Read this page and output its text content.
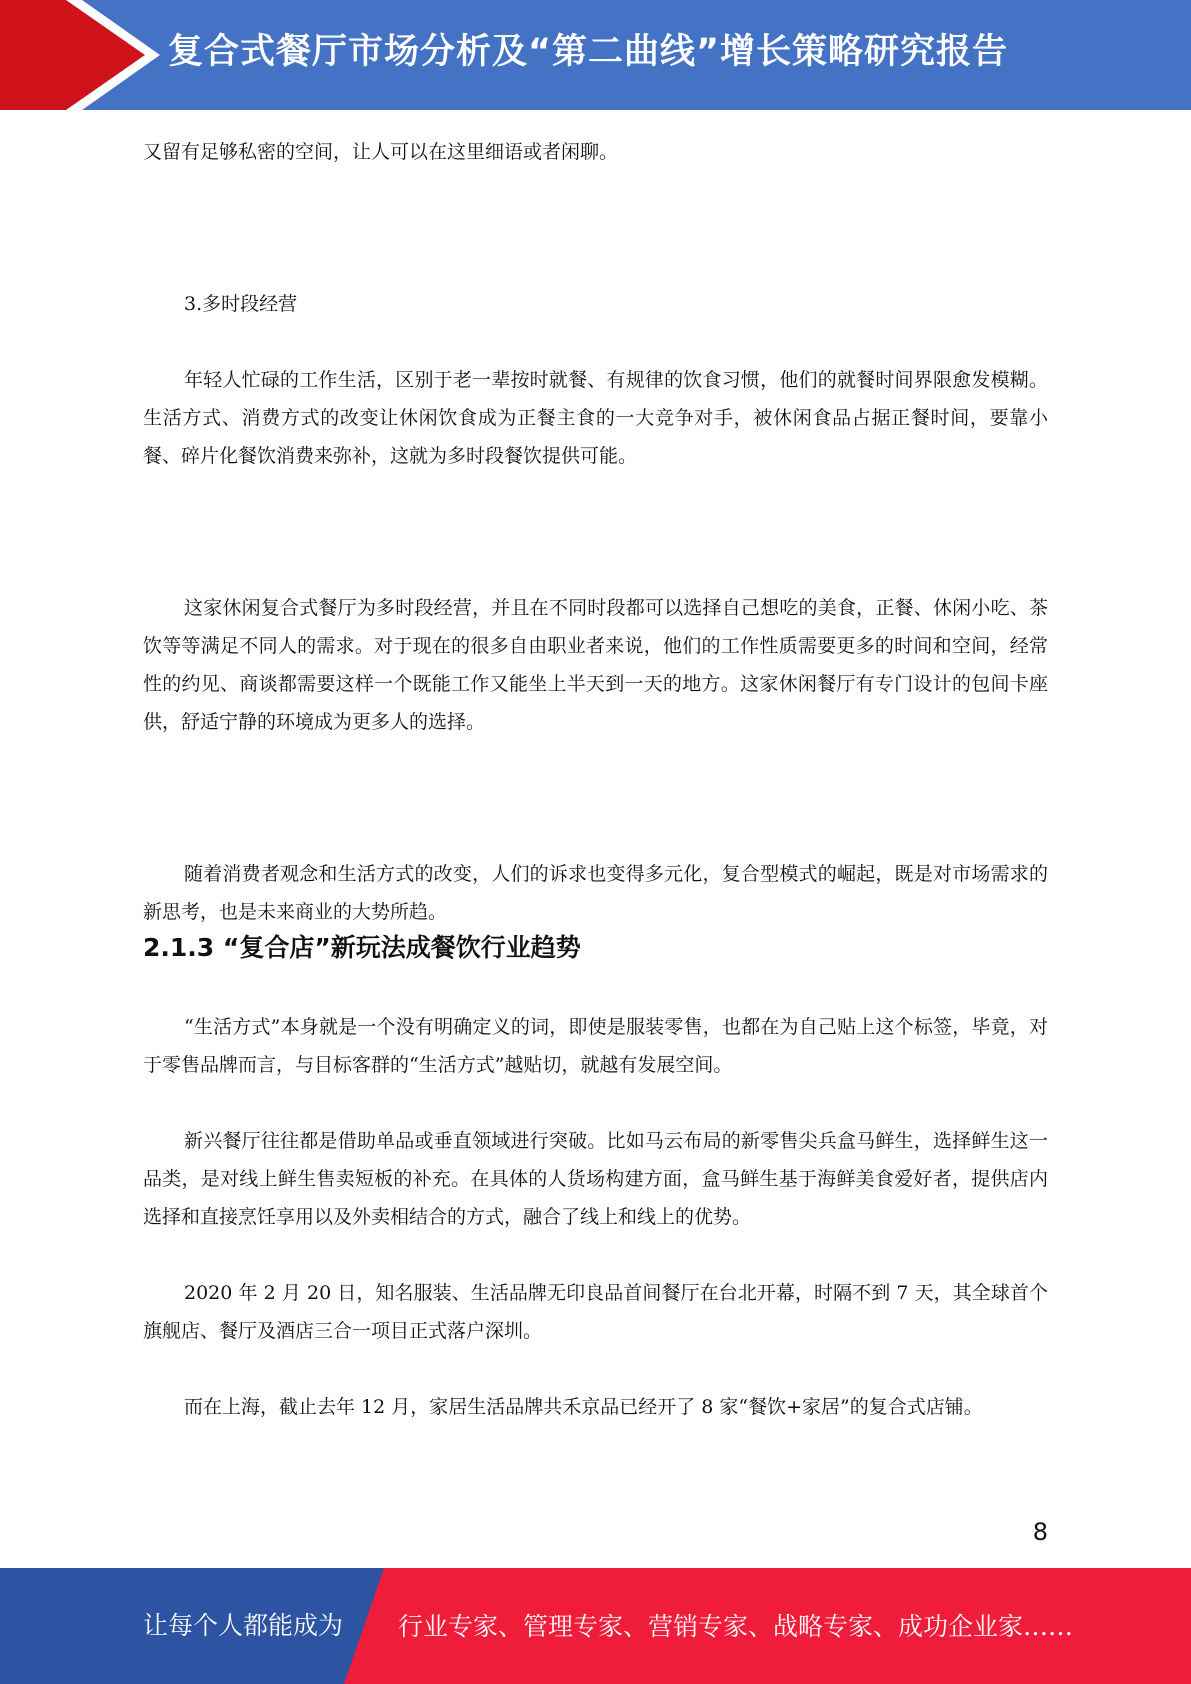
复合式餐厅市场分析及“第二曲线”增长策略研究报告

又留有足够私密的空间，让人可以在这里细语或者闲聊。

3.多时段经营

年轻人忙碌的工作生活，区别于老一辈按时就餐、有规律的饮食习惯，他们的就餐时间界限愈发模糊。生活方式、消费方式的改变让休闲饮食成为正餐主食的一大竞争对手，被休闲食品占据正餐时间，要靠小餐、碎片化餐饮消费来弥补，这就为多时段餐饮提供可能。

这家休闲复合式餐厅为多时段经营，并且在不同时段都可以选择自己想吃的美食，正餐、休闲小吃、茶饮等等满足不同人的需求。对于现在的很多自由职业者来说，他们的工作性质需要更多的时间和空间，经常性的约见、商谈都需要这样一个既能工作又能坐上半天到一天的地方。这家休闲餐厅有专门设计的包间卡座供，舒适宁静的环境成为更多人的选择。

随着消费者观念和生活方式的改变，人们的诉求也变得多元化，复合型模式的崛起，既是对市场需求的新思考，也是未来商业的大势所趋。

2.1.3 “复合店”新玩法成餐饮行业趋势

“生活方式”本身就是一个没有明确定义的词，即使是服装零售，也都在为自己贴上这个标签，毕竟，对于零售品牌而言，与目标客群的“生活方式”越贴切，就越有发展空间。

新兴餐厅往往都是借助单品或垂直领域进行突破。比如马云布局的新零售尖兵盒马鲜生，选择鲜生这一品类，是对线上鲜生售卖短板的补充。在具体的人货场构建方面，盒马鲜生基于海鲜美食爱好者，提供店内选择和直接烹饪享用以及外卖相结合的方式，融合了线上和线上的优势。

2020 年 2 月 20 日，知名服装、生活品牌无印良品首间餐厅在台北开幕，时隔不到 7 天，其全球首个旗舰店、餐厅及酒店三合一项目正式落户深圳。

而在上海，截止去年 12 月，家居生活品牌共禾京品已经开了 8 家“餐饮+家居”的复合式店铺。

8
让每个人都能成为 行业专家、管理专家、营销专家、战略专家、成功企业家……
